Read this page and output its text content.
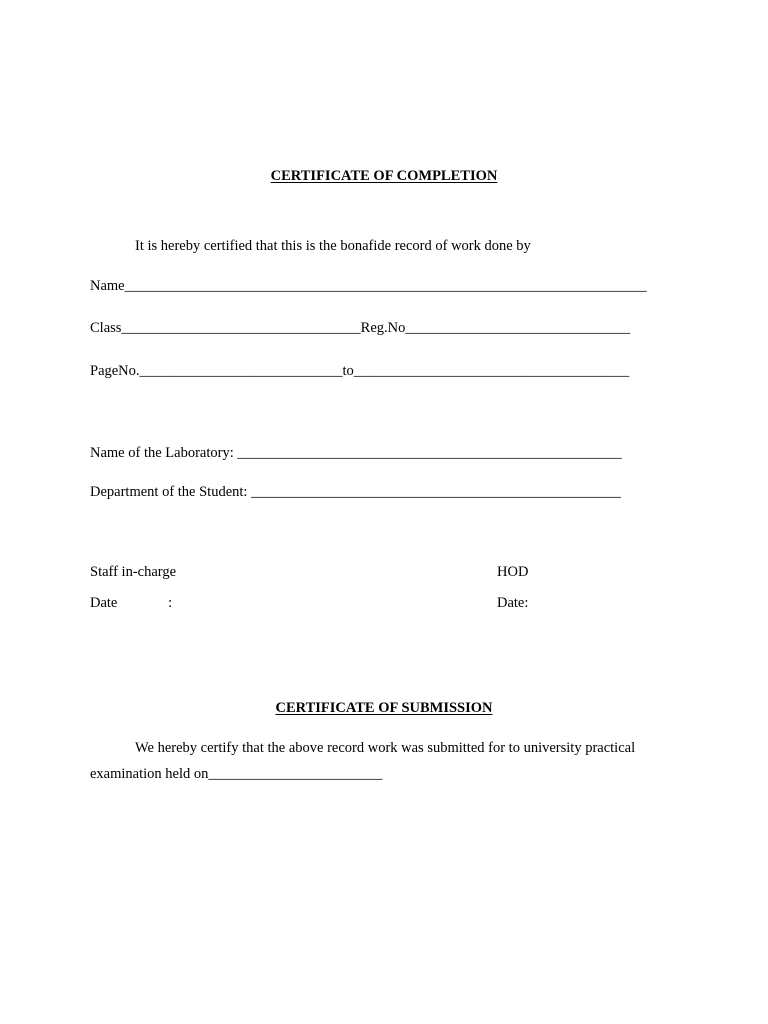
CERTIFICATE OF COMPLETION
It is hereby certified that this is the bonafide record of work done by
Name________________________________________________________________________
Class_________________________________Reg.No_______________________________
PageNo.____________________________to______________________________________
Name of the Laboratory: _____________________________________________________
Department of the Student: ___________________________________________________
Staff in-charge	HOD
Date              :	Date:
CERTIFICATE OF SUBMISSION
We hereby certify that the above record work was submitted for to university practical
examination held on________________________
